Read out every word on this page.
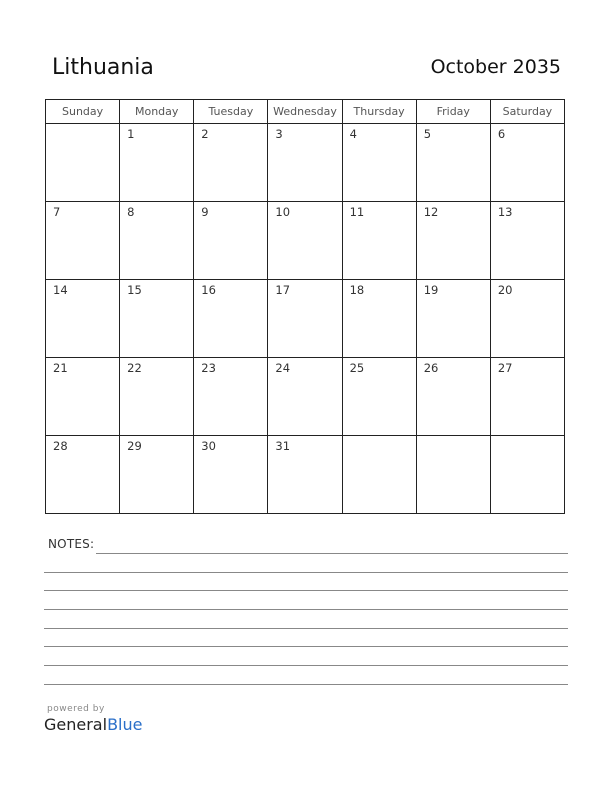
Lithuania	October 2035
Sunday	Monday	Tuesday	Wednesday	Thursday	Friday	Saturday

	1	2	3	4	5	6

7	8	9	10	11	12	13

14	15	16	17	18	19	20

21	22	23	24	25	26	27

28	29	30	31			

NOTES:
powered by
GeneralBlue
